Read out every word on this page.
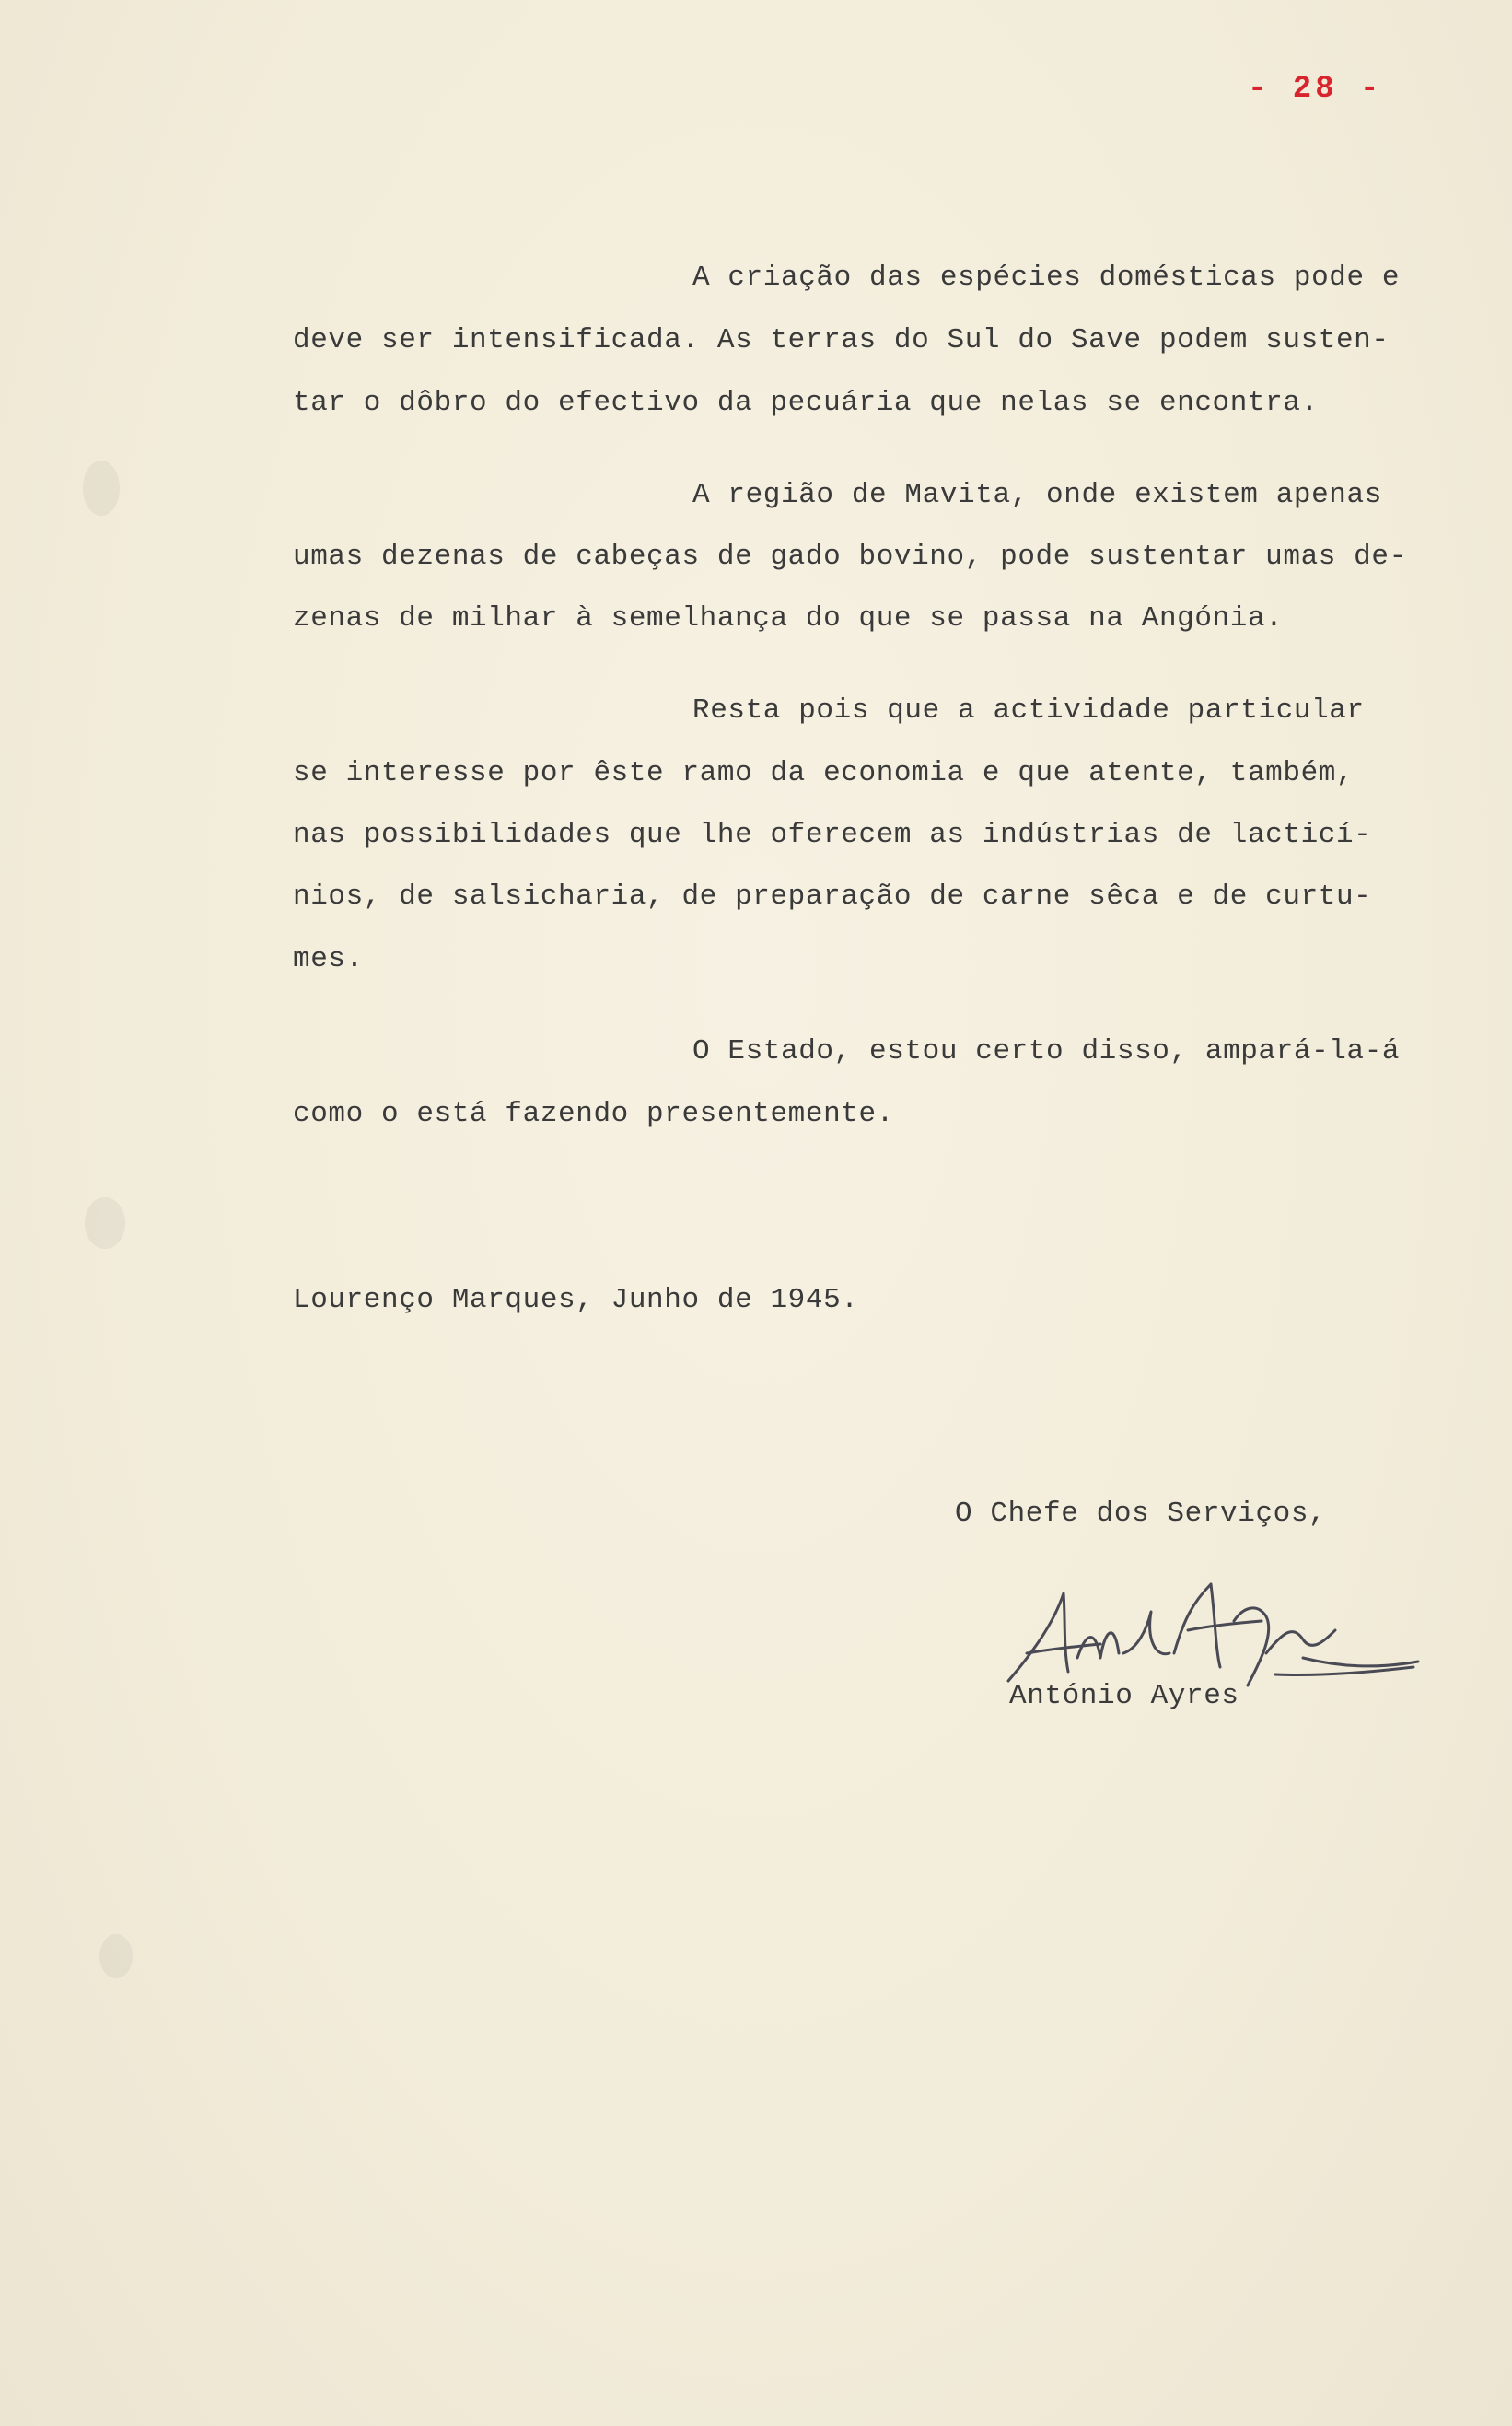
- 28 -
A criação das espécies domésticas pode e
deve ser intensificada. As terras do Sul do Save podem susten-
tar o dôbro do efectivo da pecuária que nelas se encontra.
A região de Mavita, onde existem apenas
umas dezenas de cabeças de gado bovino, pode sustentar umas de-
zenas de milhar à semelhança do que se passa na Angónia.
Resta pois que a actividade particular
se interesse por êste ramo da economia e que atente, também,
nas possibilidades que lhe oferecem as indústrias de lacticí-
nios, de salsicharia, de preparação de carne sêca e de curtu-
mes.
O Estado, estou certo disso, ampará-la-á
como o está fazendo presentemente.
Lourenço Marques, Junho de 1945.
O Chefe dos Serviços,
António Ayres
